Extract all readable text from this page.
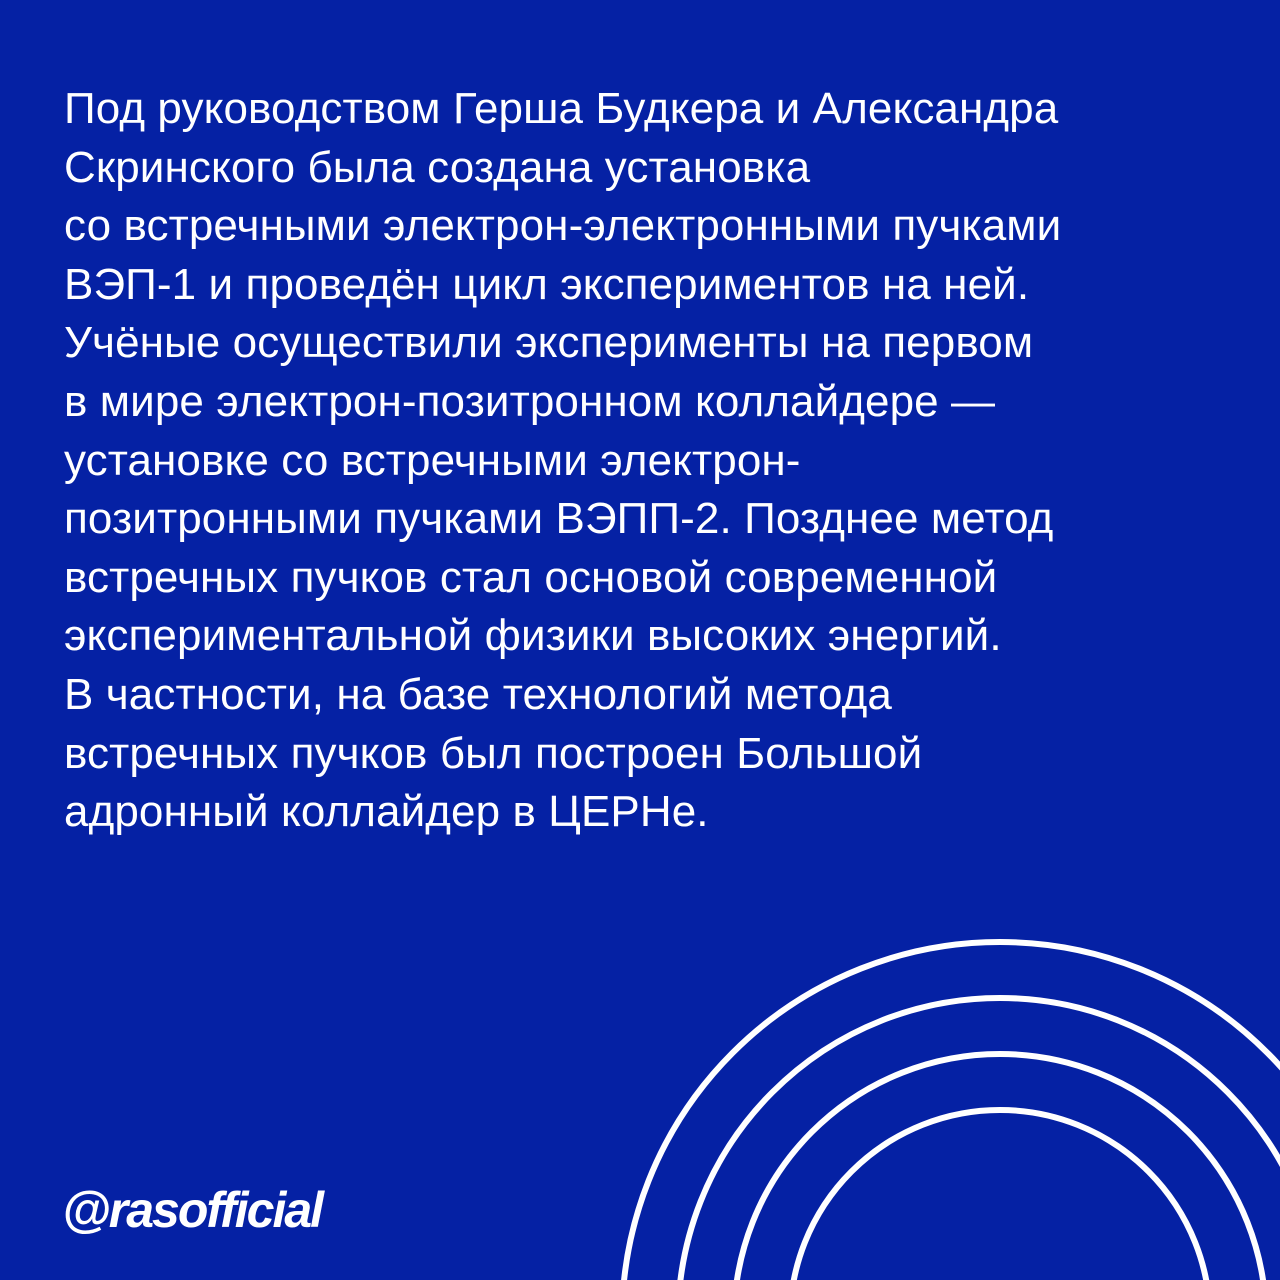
Под руководством Герша Будкера и Александра
Скринского была создана установка
со встречными электрон-электронными пучками
ВЭП-1 и проведён цикл экспериментов на ней.
Учёные осуществили эксперименты на первом
в мире электрон-позитронном коллайдере —
установке со встречными электрон-
позитронными пучками ВЭПП-2. Позднее метод
встречных пучков стал основой современной
экспериментальной физики высоких энергий.
В частности, на базе технологий метода
встречных пучков был построен Большой
адронный коллайдер в ЦЕРНе.
@rasofficial
